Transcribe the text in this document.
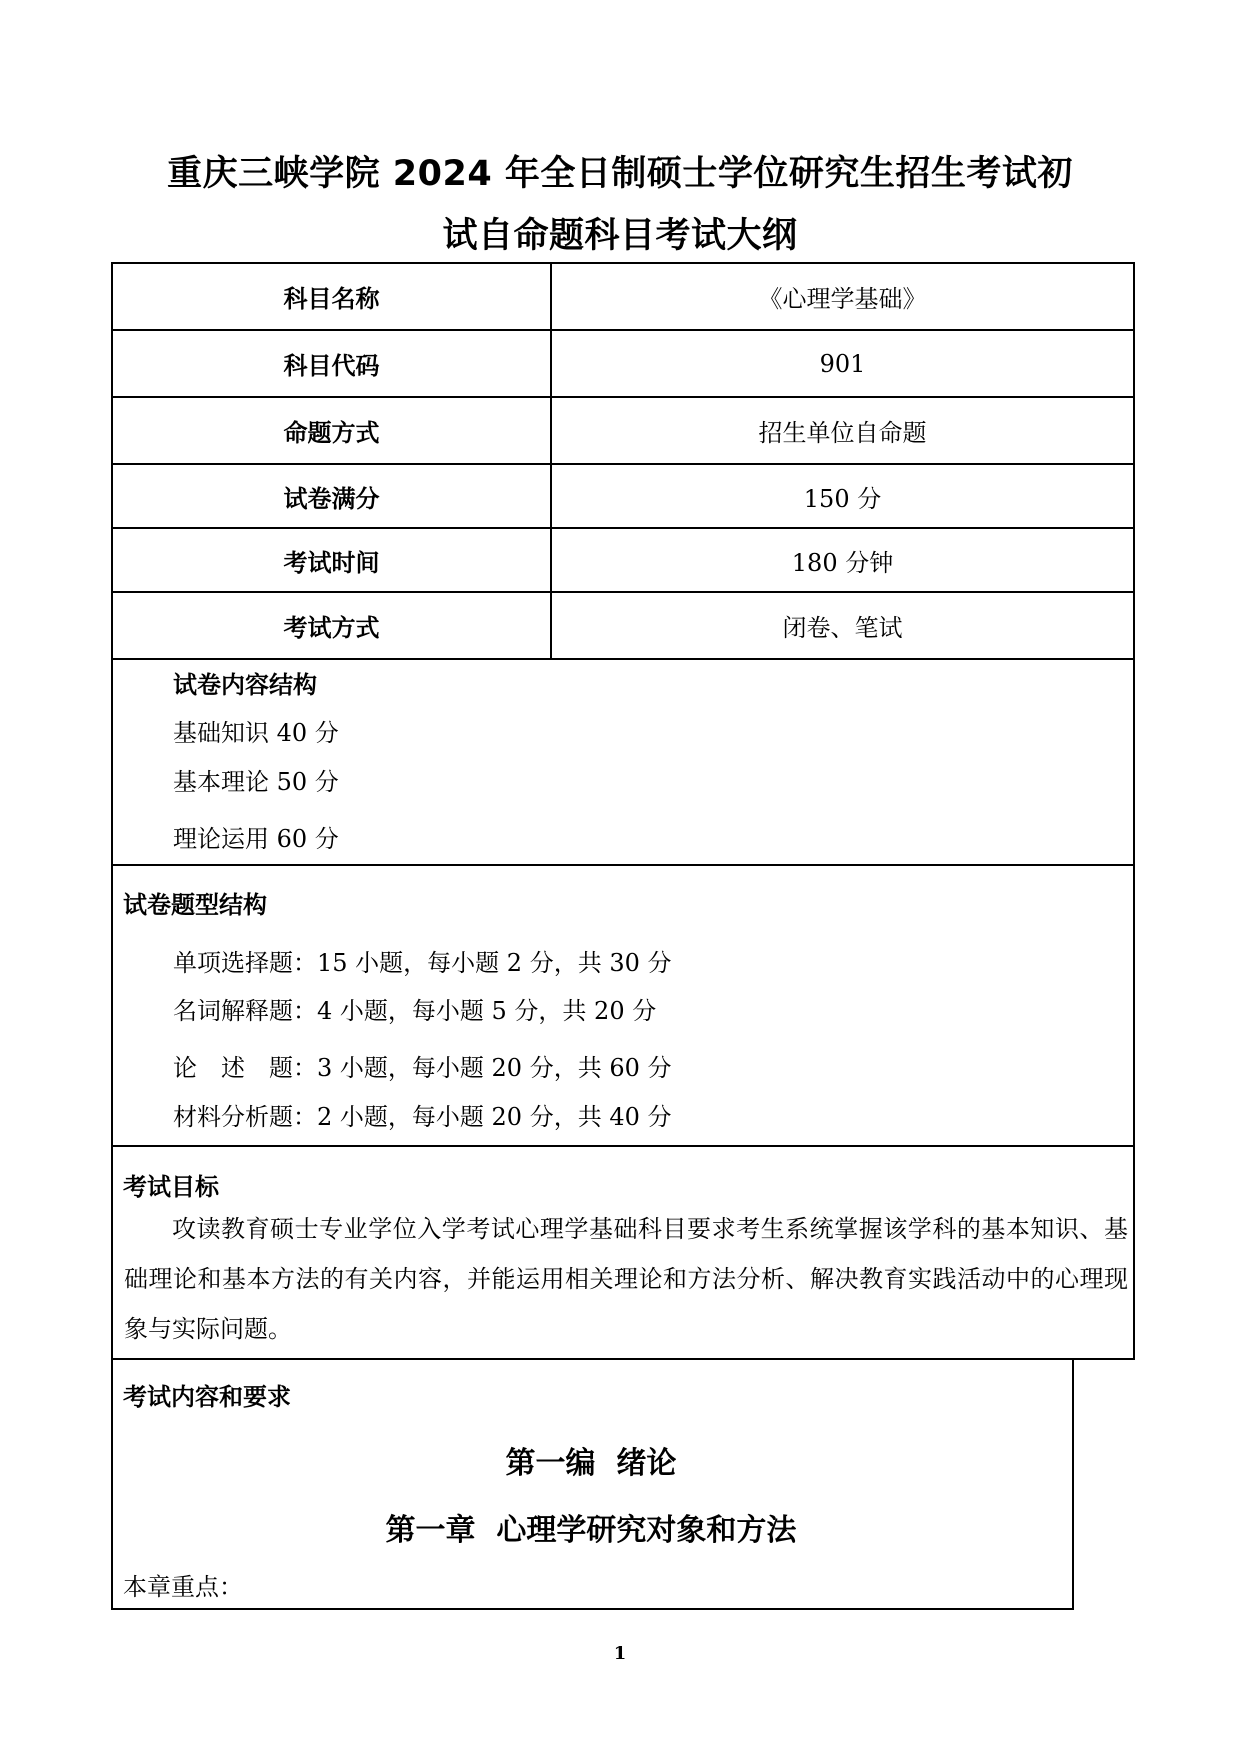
重庆三峡学院 2024 年全日制硕士学位研究生招生考试初
试自命题科目考试大纲
科目名称	《心理学基础》
科目代码	901
命题方式	招生单位自命题
试卷满分	150 分
考试时间	180 分钟
考试方式	闭卷、笔试
试卷内容结构
基础知识 40 分
基本理论 50 分
理论运用 60 分
试卷题型结构
单项选择题：15 小题，每小题 2 分，共 30 分
名词解释题：4 小题，每小题 5 分，共 20 分
论　述　题：3 小题，每小题 20 分，共 60 分
材料分析题：2 小题，每小题 20 分，共 40 分
考试目标
攻读教育硕士专业学位入学考试心理学基础科目要求考生系统掌握该学科的基本知识、基础理论和基本方法的有关内容，并能运用相关理论和方法分析、解决教育实践活动中的心理现象与实际问题。
考试内容和要求
第一编  绪论
第一章  心理学研究对象和方法
本章重点：
1
